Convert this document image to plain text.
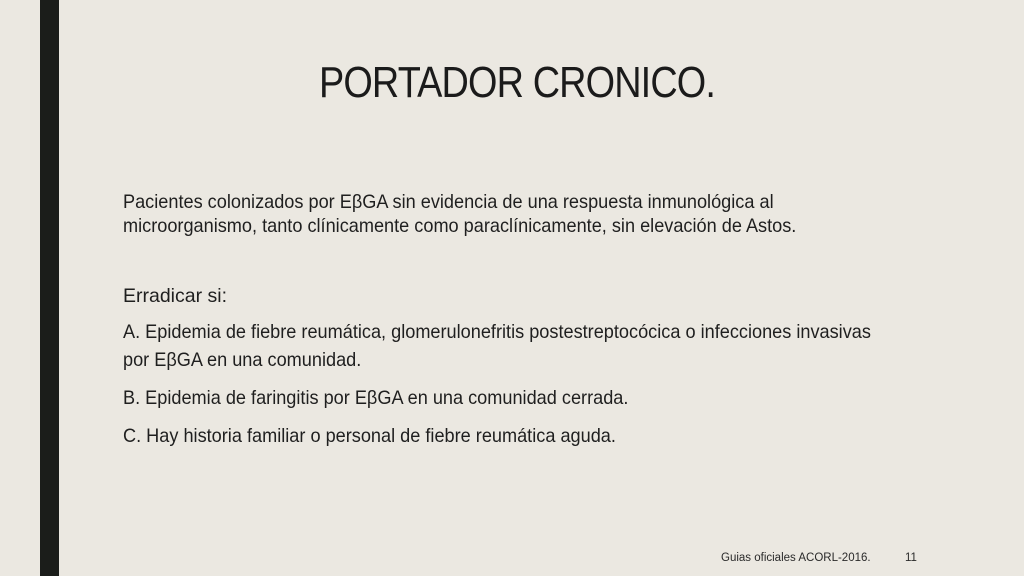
PORTADOR CRONICO.

Pacientes colonizados por EβGA sin evidencia de una respuesta inmunológica al microorganismo, tanto clínicamente como paraclínicamente, sin elevación de Astos.

Erradicar si:

A. Epidemia de fiebre reumática, glomerulonefritis postestreptocócica o infecciones invasivas por EβGA en una comunidad.

B. Epidemia de faringitis por EβGA en una comunidad cerrada.

C. Hay historia familiar o personal de fiebre reumática aguda.

Guias oficiales ACORL-2016.	11
